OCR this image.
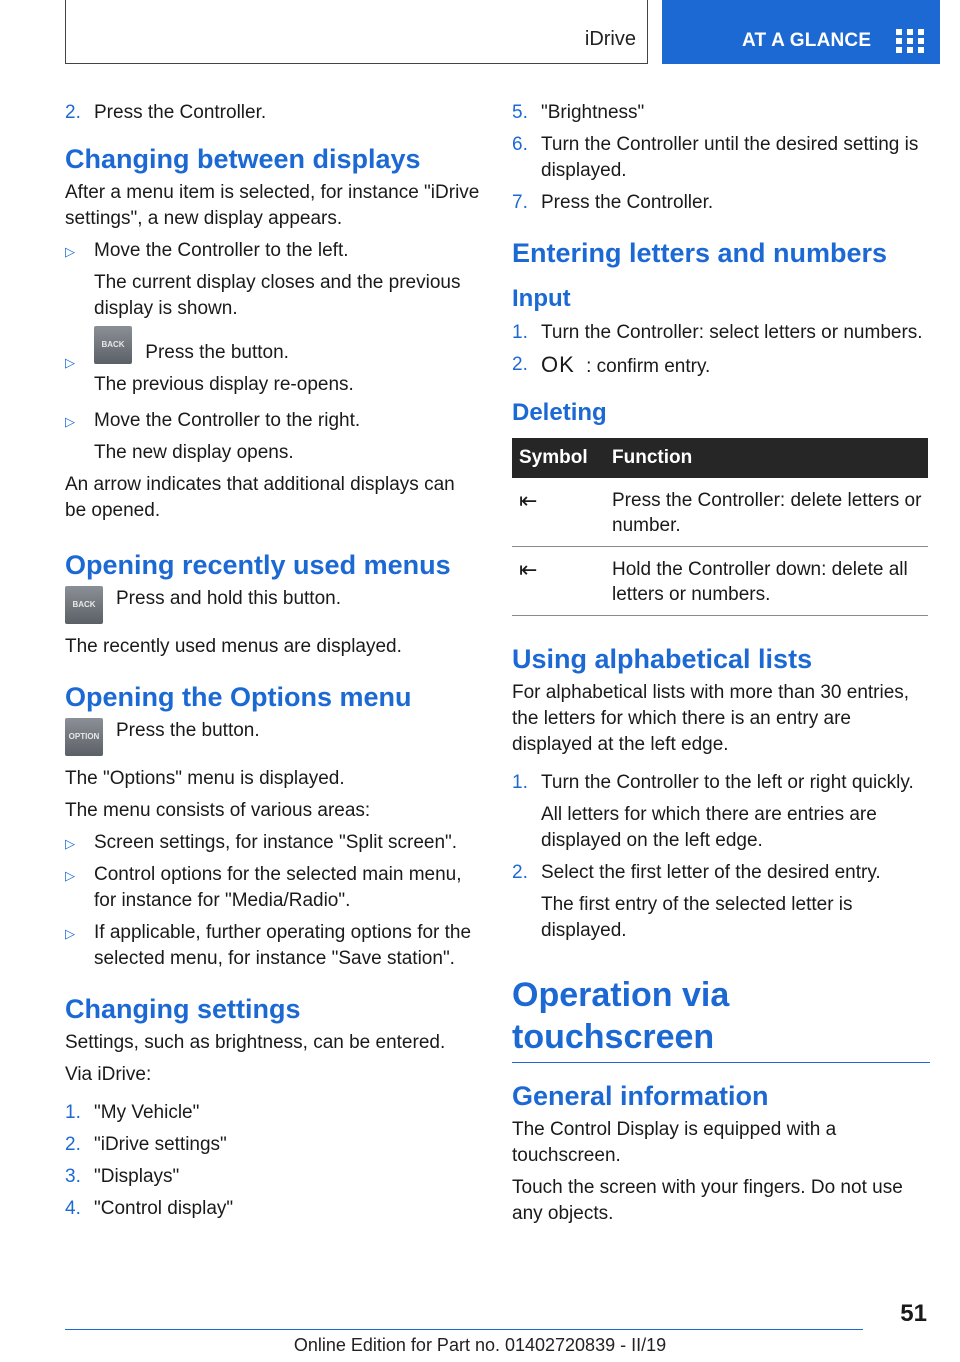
iDrive	AT A GLANCE
2. Press the Controller.
Changing between displays
After a menu item is selected, for instance "iDrive settings", a new display appears.
▷ Move the Controller to the left.
The current display closes and the previous display is shown.
▷
BACK Press the button.
The previous display re-opens.
▷ Move the Controller to the right.
The new display opens.
An arrow indicates that additional displays can be opened.
Opening recently used menus
BACK	Press and hold this button.
The recently used menus are displayed.
Opening the Options menu
OPTION Press the button.
The "Options" menu is displayed.
The menu consists of various areas:
▷ Screen settings, for instance "Split screen".
▷ Control options for the selected main menu, for instance for "Media/Radio".
▷ If applicable, further operating options for the selected menu, for instance "Save station".
Changing settings
Settings, such as brightness, can be entered.
Via iDrive:
1. "My Vehicle"
2. "iDrive settings"
3. "Displays"
4. "Control display"
5. "Brightness"
6. Turn the Controller until the desired setting is displayed.
7. Press the Controller.
Entering letters and numbers
Input
1. Turn the Controller: select letters or numbers.
2. OK : confirm entry.
Deleting
Symbol	Function
⇤	Press the Controller: delete letters or number.
⇤	Hold the Controller down: delete all letters or numbers.
Using alphabetical lists
For alphabetical lists with more than 30 entries, the letters for which there is an entry are displayed at the left edge.
1. Turn the Controller to the left or right quickly.
All letters for which there are entries are displayed on the left edge.
2. Select the first letter of the desired entry.
The first entry of the selected letter is displayed.
Operation via touchscreen
General information
The Control Display is equipped with a touchscreen.
Touch the screen with your fingers. Do not use any objects.
51
Online Edition for Part no. 01402720839 - II/19
